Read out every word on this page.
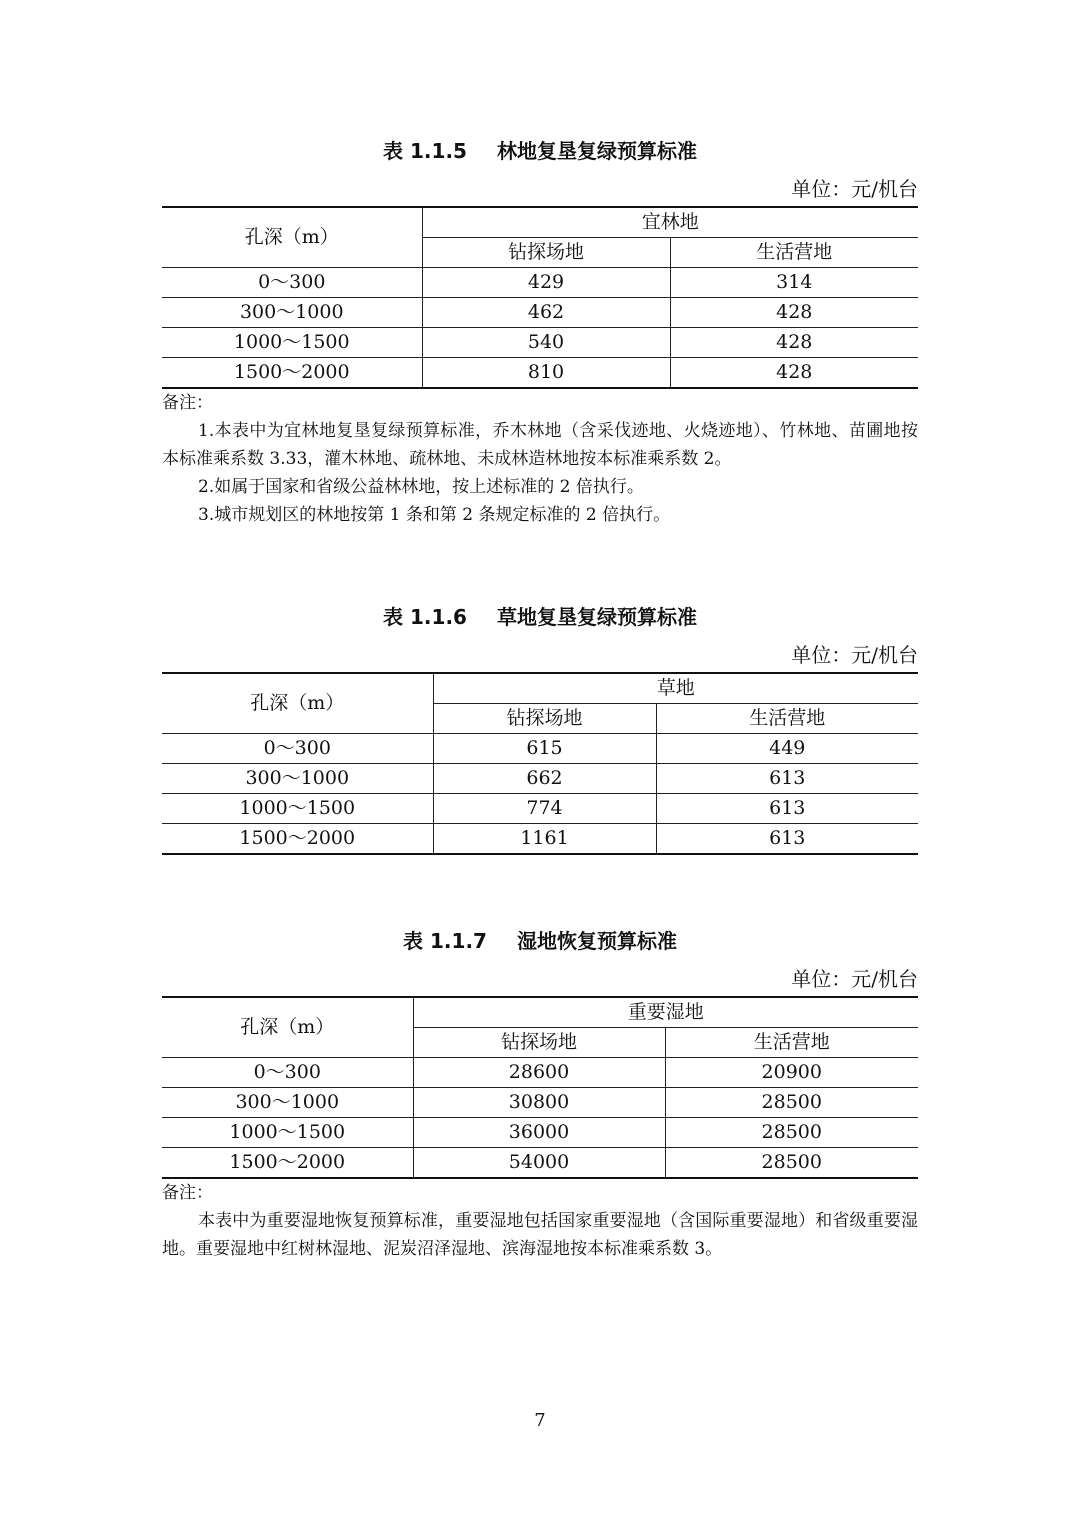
表 1.1.5 林地复垦复绿预算标准
单位：元/机台
孔深（m）	宜林地	
	钻探场地	生活营地
0～300	429	314
300～1000	462	428
1000～1500	540	428
1500～2000	810	428

备注：

1.本表中为宜林地复垦复绿预算标准，乔木林地（含采伐迹地、火烧迹地）、竹林地、苗圃地按本标准乘系数 3.33，灌木林地、疏林地、未成林造林地按本标准乘系数 2。

2.如属于国家和省级公益林林地，按上述标准的 2 倍执行。

3.城市规划区的林地按第 1 条和第 2 条规定标准的 2 倍执行。

表 1.1.6 草地复垦复绿预算标准
单位：元/机台
孔深（m）	草地	
	钻探场地	生活营地
0～300	615	449
300～1000	662	613
1000～1500	774	613
1500～2000	1161	613
表 1.1.7 湿地恢复预算标准
单位：元/机台
孔深（m）	重要湿地	
	钻探场地	生活营地
0～300	28600	20900
300～1000	30800	28500
1000～1500	36000	28500
1500～2000	54000	28500

备注：

本表中为重要湿地恢复预算标准，重要湿地包括国家重要湿地（含国际重要湿地）和省级重要湿地。重要湿地中红树林湿地、泥炭沼泽湿地、滨海湿地按本标准乘系数 3。

7
